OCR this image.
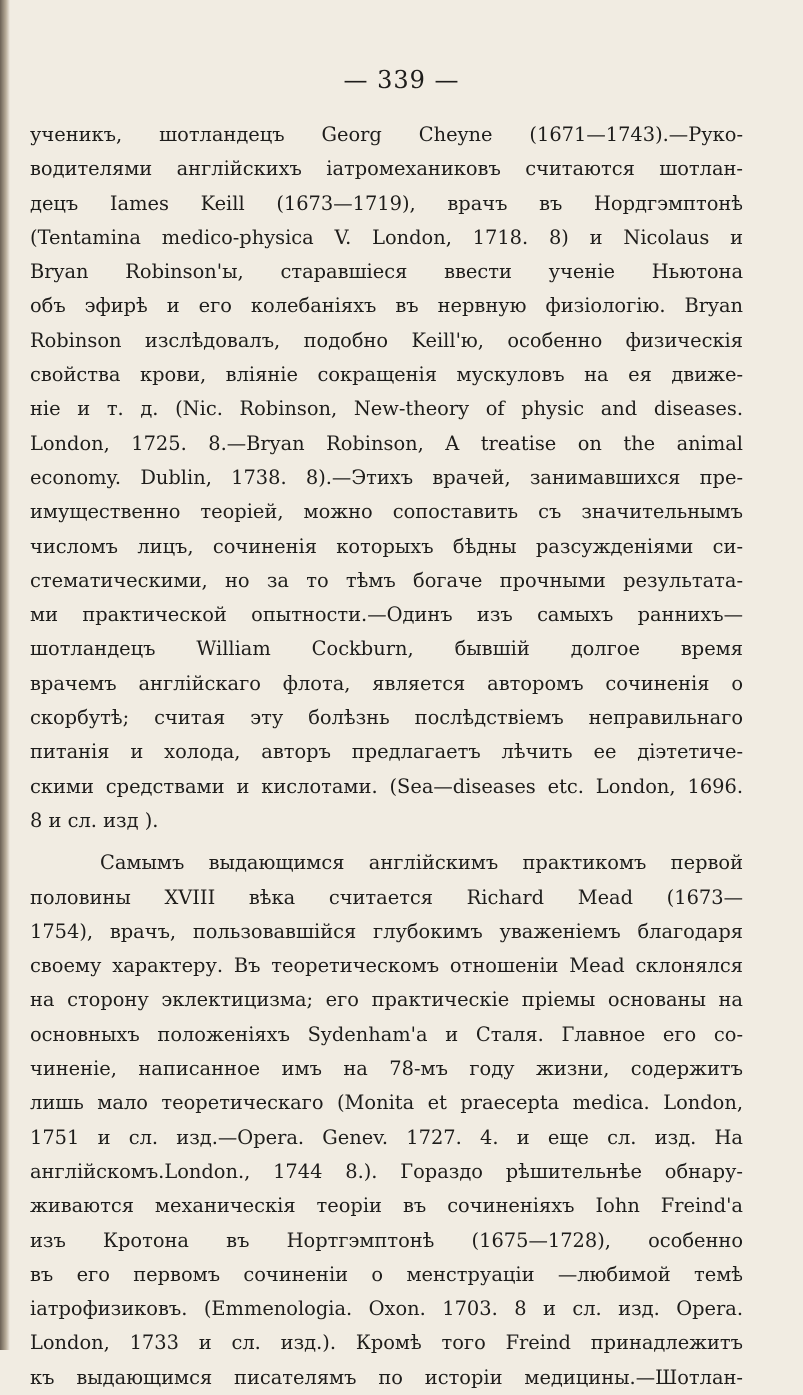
— 339 —
ученикъ, шотландецъ Georg Cheyne (1671—1743).—Руко-
водителями англійскихъ іатромеханиковъ считаются шотлан-
децъ Iames Keill (1673—1719), врачъ въ Нордгэмптонѣ
(Tentamina medico-physica V. London, 1718. 8) и Nicolaus и
Bryan Robinson'ы, старавшіеся ввести ученіе Ньютона
объ эфирѣ и его колебаніяхъ въ нервную физіологію. Bryan
Robinson изслѣдовалъ, подобно Keill'ю, особенно физическія
свойства крови, вліяніе сокращенія мускуловъ на ея движе-
ніе и т. д. (Nic. Robinson, New-theory of physic and diseases.
London, 1725. 8.—Bryan Robinson, A treatise on the animal
economy. Dublin, 1738. 8).—Этихъ врачей, занимавшихся пре-
имущественно теоріей, можно сопоставить съ значительнымъ
числомъ лицъ, сочиненія которыхъ бѣдны разсужденіями си-
стематическими, но за то тѣмъ богаче прочными результата-
ми практической опытности.—Одинъ изъ самыхъ раннихъ—
шотландецъ William Cockburn, бывшій долгое время
врачемъ англійскаго флота, является авторомъ сочиненія о
скорбутѣ; считая эту болѣзнь послѣдствіемъ неправильнаго
питанія и холода, авторъ предлагаетъ лѣчить ее діэтетиче-
скими средствами и кислотами. (Sea—diseases etc. London, 1696.
8 и сл. изд ).
Самымъ выдающимся англійскимъ практикомъ первой
половины XVIII вѣка считается Richard Mead (1673—
1754), врачъ, пользовавшійся глубокимъ уваженіемъ благодаря
своему характеру. Въ теоретическомъ отношеніи Mead склонялся
на сторону эклектицизма; его практическіе пріемы основаны на
основныхъ положеніяхъ Sydenham'а и Сталя. Главное его со-
чиненіе, написанное имъ на 78-мъ году жизни, содержитъ
лишь мало теоретическаго (Monita et praecepta medica. London,
1751 и сл. изд.—Opera. Genev. 1727. 4. и еще сл. изд. На
англійскомъ.London., 1744 8.). Гораздо рѣшительнѣе обнару-
живаются механическія теоріи въ сочиненіяхъ Iohn Freind'а
изъ Кротона въ Нортгэмптонѣ (1675—1728), особенно
въ его первомъ сочиненіи о менструаціи —любимой темѣ
іатрофизиковъ. (Emmenologia. Oxon. 1703. 8 и сл. изд. Opera.
London, 1733 и сл. изд.). Кромѣ того Freind принадлежитъ
къ выдающимся писателямъ по исторіи медицины.—Шотлан-
